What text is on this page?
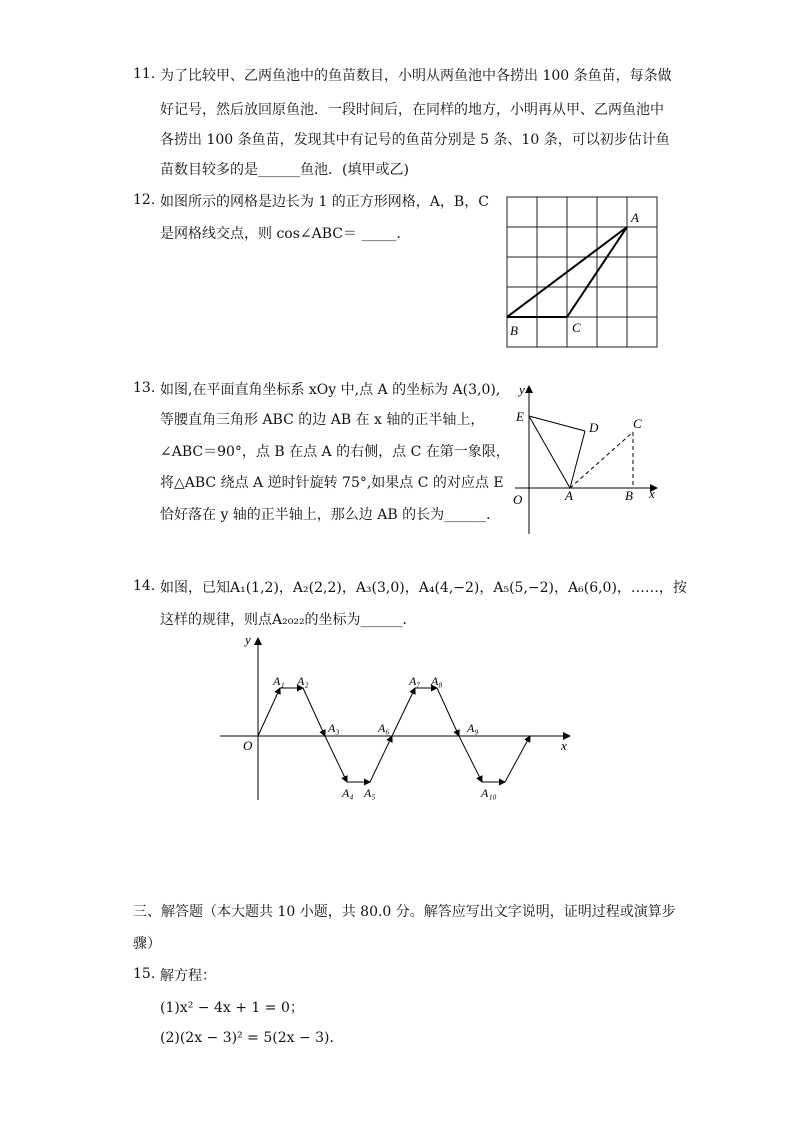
11. 为了比较甲、乙两鱼池中的鱼苗数目，小明从两鱼池中各捞出 100 条鱼苗，每条做
好记号，然后放回原鱼池．一段时间后，在同样的地方，小明再从甲、乙两鱼池中
各捞出 100 条鱼苗，发现其中有记号的鱼苗分别是 5 条、10 条，可以初步估计鱼
苗数目较多的是______鱼池．(填甲或乙)
12. 如图所示的网格是边长为 1 的正方形网格，A，B，C
是网格线交点，则 cos∠ABC＝ _____．
A
B	C
13. 如图,在平面直角坐标系 xOy 中,点 A 的坐标为 A(3,0),
等腰直角三角形 ABC 的边 AB 在 x 轴的正半轴上，
∠ABC＝90°，点 B 在点 A 的右侧，点 C 在第一象限，
将△ABC 绕点 A 逆时针旋转 75°,如果点 C 的对应点 E
恰好落在 y 轴的正半轴上，那么边 AB 的长为______．
y
x
O
E
D	C
A	B
14. 如图，已知A₁(1,2)，A₂(2,2)，A₃(3,0)，A₄(4,−2)，A₅(5,−2)，A₆(6,0)，……，按
这样的规律，则点A₂₀₂₂的坐标为______．
y
x
O
A₁ A₂
A₃
A₄ A₅
A₆
A₇ A₈
A₉
A₁₀
三、解答题（本大题共 10 小题，共 80.0 分。解答应写出文字说明，证明过程或演算步
骤）
15. 解方程：
(1)x² − 4x + 1 = 0；
(2)(2x − 3)² = 5(2x − 3)．
